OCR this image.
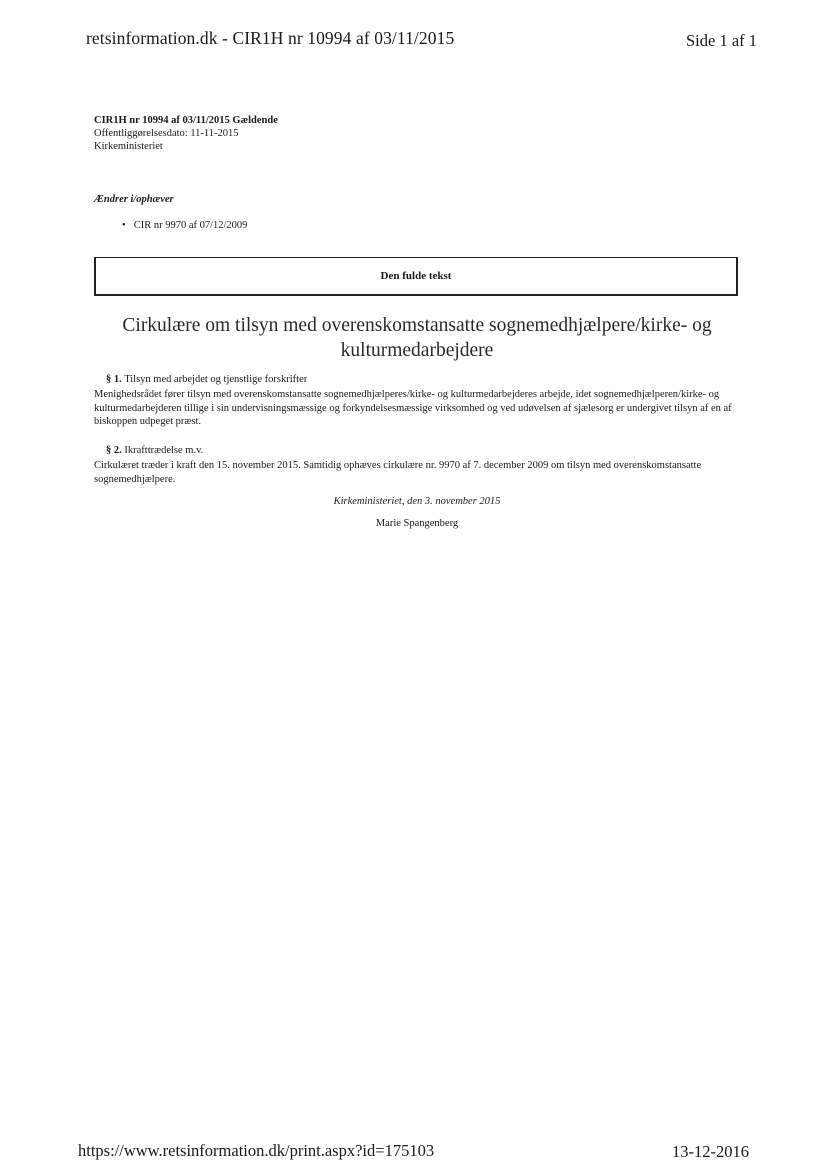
retsinformation.dk - CIR1H nr 10994 af 03/11/2015	Side 1 af 1
CIR1H nr 10994 af 03/11/2015 Gældende
Offentliggørelsesdato: 11-11-2015
Kirkeministeriet
Ændrer i/ophæver
• CIR nr 9970 af 07/12/2009
Den fulde tekst
Cirkulære om tilsyn med overenskomstansatte sognemedhjælpere/kirke- og kulturmedarbejdere
§ 1. Tilsyn med arbejdet og tjenstlige forskrifter
Menighedsrådet fører tilsyn med overenskomstansatte sognemedhjælperes/kirke- og kulturmedarbejderes arbejde, idet sognemedhjælperen/kirke- og kulturmedarbejderen tillige i sin undervisningsmæssige og forkyndelsesmæssige virksomhed og ved udøvelsen af sjælesorg er undergivet tilsyn af en af biskoppen udpeget præst.
§ 2. Ikrafttrædelse m.v.
Cirkulæret træder i kraft den 15. november 2015. Samtidig ophæves cirkulære nr. 9970 af 7. december 2009 om tilsyn med overenskomstansatte sognemedhjælpere.
Kirkeministeriet, den 3. november 2015
Marie Spangenberg
https://www.retsinformation.dk/print.aspx?id=175103	13-12-2016
